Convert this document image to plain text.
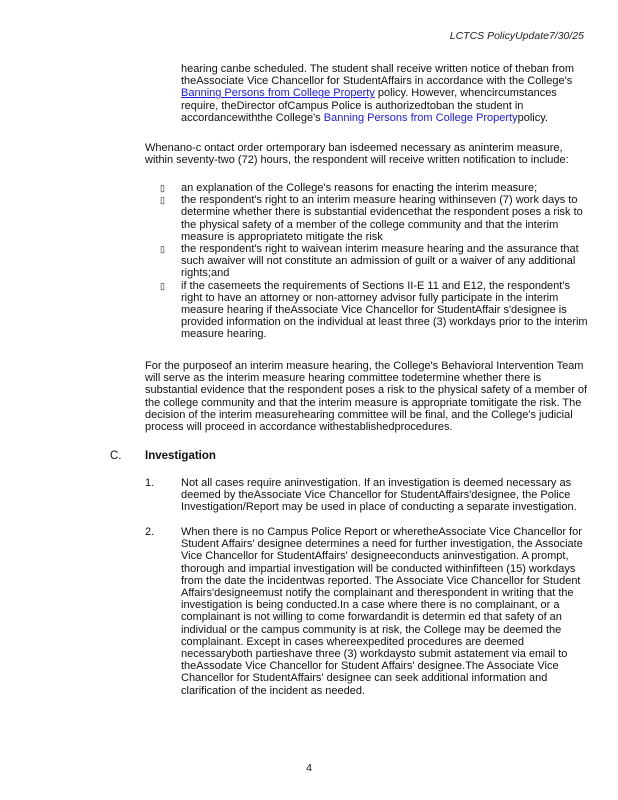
LCTCS PolicyUpdate7/30/25

hearing canbe scheduled. The student shall receive written notice of theban from theAssociate Vice Chancellor for StudentAffairs in accordance with the College's Banning Persons from College Property policy. However, whencircumstances require, theDirector ofCampus Police is authorizedtoban the student in accordancewiththe College's Banning Persons from College Propertypolicy.

Whenano-c ontact order ortemporary ban isdeemed necessary as aninterim measure, within seventy-two (72) hours, the respondent will receive written notification to include:

▯	an explanation of the College's reasons for enacting the interim measure;
▯	the respondent's right to an interim measure hearing withinseven (7) work days to determine whether there is substantial evidencethat the respondent poses a risk to the physical safety of a member of the college community and that the interim measure is appropriateto mitigate the risk
▯	the respondent's right to waivean interim measure hearing and the assurance that such awaiver will not constitute an admission of guilt or a waiver of any additional rights;and
▯	if the casemeets the requirements of Sections II-E 11 and E12, the respondent's right to have an attorney or non-attorney advisor fully participate in the interim measure hearing if theAssociate Vice Chancellor for StudentAffair s'designee is provided information on the individual at least three (3) workdays prior to the interim measure hearing.

For the purposeof an interim measure hearing, the College's Behavioral Intervention Team will serve as the interim measure hearing committee todetermine whether there is substantial evidence that the respondent poses a risk to the physical safety of a member of the college community and that the interim measure is appropriate tomitigate the risk. The decision of the interim measurehearing committee will be final, and the College's judicial process will proceed in accordance withestablishedprocedures.

C. Investigation
1.	Not all cases require aninvestigation. If an investigation is deemed necessary as deemed by theAssociate Vice Chancellor for StudentAffairs'designee, the Police Investigation/Report may be used in place of conducting a separate investigation.
2.	When there is no Campus Police Report or wheretheAssociate Vice Chancellor for Student Affairs' designee determines a need for further investigation, the Associate Vice Chancellor for StudentAffairs' designeeconducts aninvestigation. A prompt, thorough and impartial investigation will be conducted withinfifteen (15) workdays from the date the incidentwas reported. The Associate Vice Chancellor for Student Affairs'designeemust notify the complainant and therespondent in writing that the investigation is being conducted.In a case where there is no complainant, or a complainant is not willing to come forwardandit is determin ed that safety of an individual or the campus community is at risk, the College may be deemed the complainant. Except in cases whereexpedited procedures are deemed necessaryboth partieshave three (3) workdaysto submit astatement via email to theAssodate Vice Chancellor for Student Affairs' designee.The Associate Vice Chancellor for StudentAffairs' designee can seek additional information and clarification of the incident as needed.
4
